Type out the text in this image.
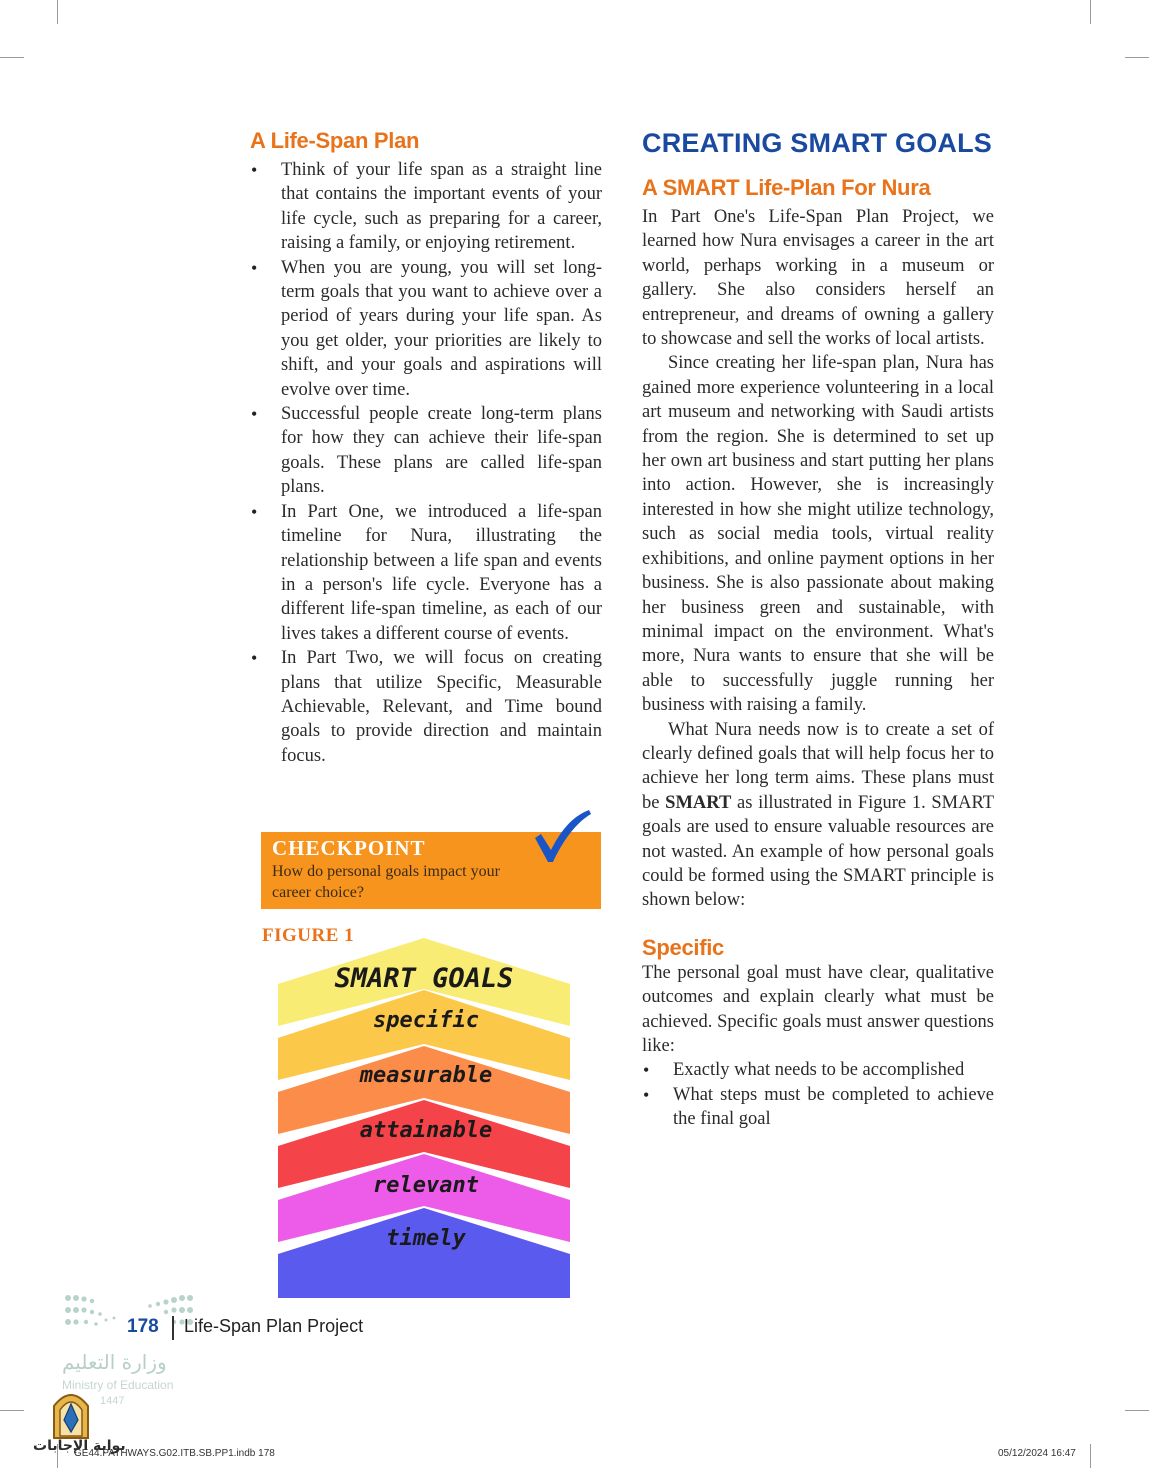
A Life-Span Plan
• Think of your life span as a straight line that contains the important events of your life cycle, such as preparing for a career, raising a family, or enjoying retirement.
• When you are young, you will set long-term goals that you want to achieve over a period of years during your life span. As you get older, your priorities are likely to shift, and your goals and aspirations will evolve over time.
• Successful people create long-term plans for how they can achieve their life-span goals. These plans are called life-span plans.
• In Part One, we introduced a life-span timeline for Nura, illustrating the relationship between a life span and events in a person's life cycle. Everyone has a different life-span timeline, as each of our lives takes a different course of events.
• In Part Two, we will focus on creating plans that utilize Specific, Measurable Achievable, Relevant, and Time bound goals to provide direction and maintain focus.
CHECKPOINT
How do personal goals impact your career choice?
FIGURE 1
SMART GOALS
specific
measurable
attainable
relevant
timely
CREATING SMART GOALS
A SMART Life-Plan For Nura

In Part One's Life-Span Plan Project, we learned how Nura envisages a career in the art world, perhaps working in a museum or gallery. She also considers herself an entrepreneur, and dreams of owning a gallery to showcase and sell the works of local artists.

Since creating her life-span plan, Nura has gained more experience volunteering in a local art museum and networking with Saudi artists from the region. She is determined to set up her own art business and start putting her plans into action. However, she is increasingly interested in how she might utilize technology, such as social media tools, virtual reality exhibitions, and online payment options in her business. She is also passionate about making her business green and sustainable, with minimal impact on the environment. What's more, Nura wants to ensure that she will be able to successfully juggle running her business with raising a family.

What Nura needs now is to create a set of clearly defined goals that will help focus her to achieve her long term aims. These plans must be SMART as illustrated in Figure 1. SMART goals are used to ensure valuable resources are not wasted. An example of how personal goals could be formed using the SMART principle is shown below:

Specific

The personal goal must have clear, qualitative outcomes and explain clearly what must be achieved. Specific goals must answer questions like:

• Exactly what needs to be accomplished
• What steps must be completed to achieve the final goal
178 Life-Span Plan Project
وزارة التعليم
Ministry of Education
1447
بوابة الإجابات
GE44.PATHWAYS.G02.ITB.SB.PP1.indb 178	05/12/2024 16:47
